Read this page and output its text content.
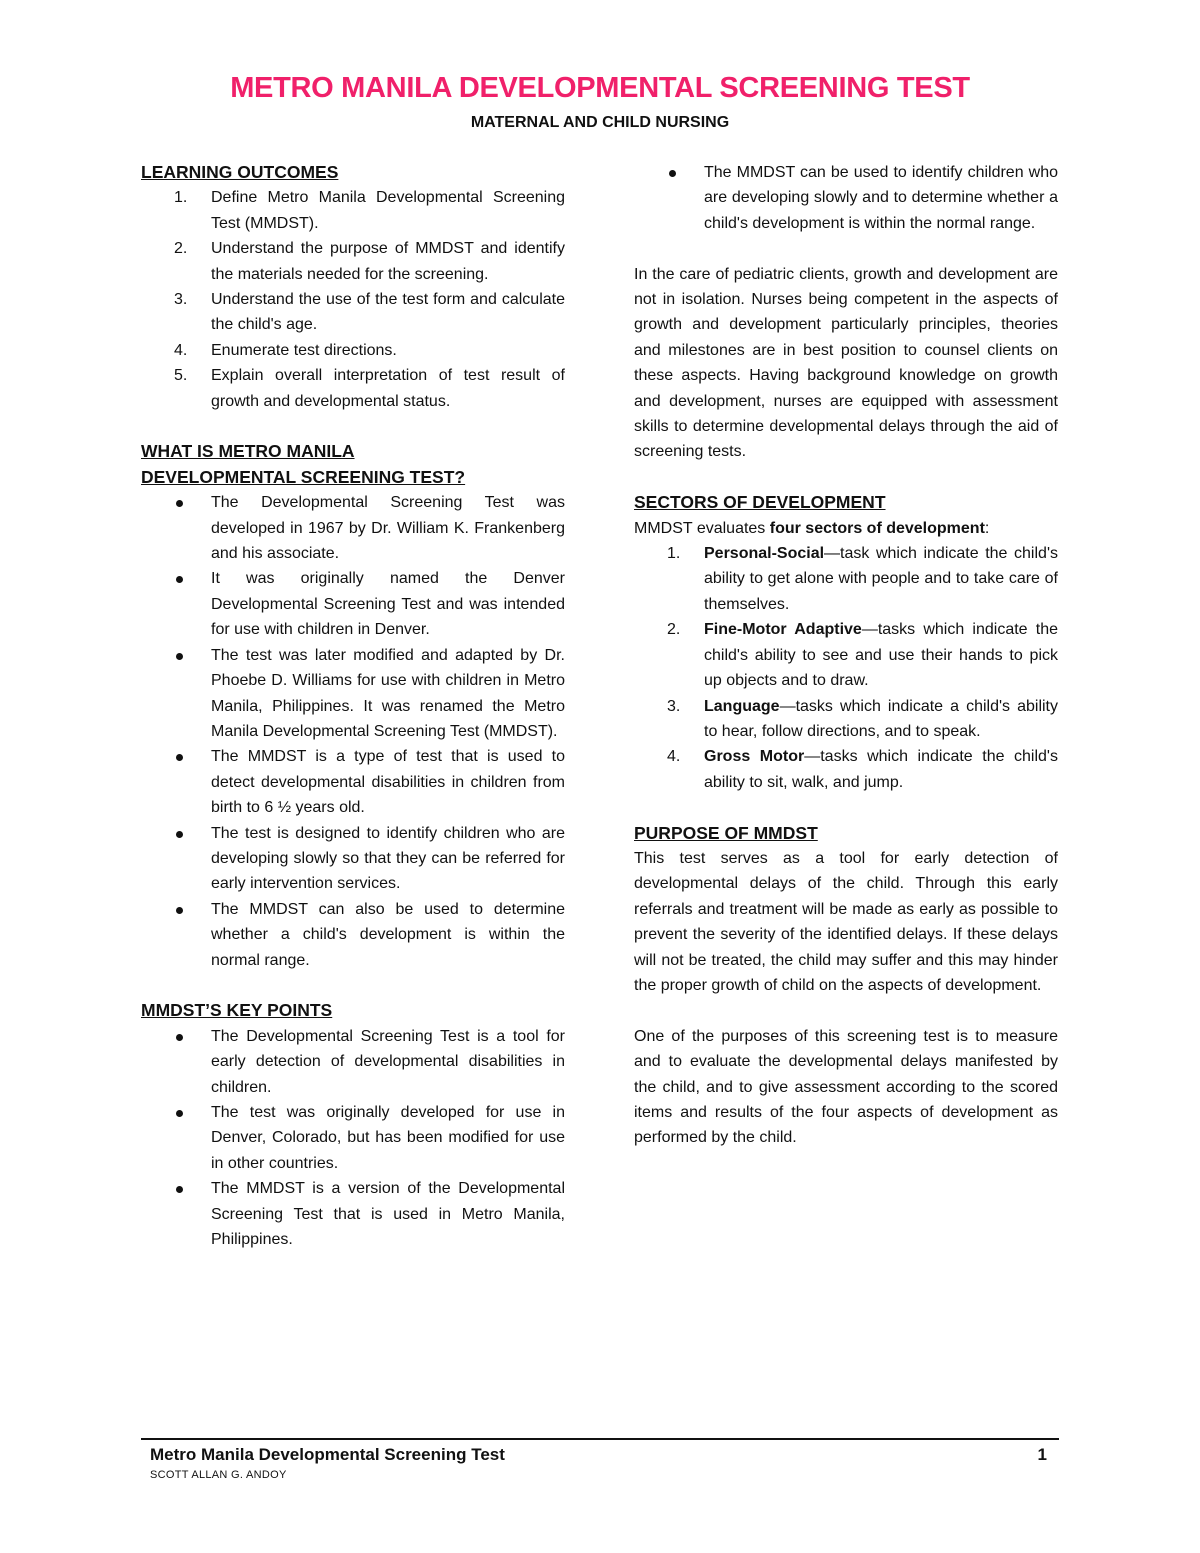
METRO MANILA DEVELOPMENTAL SCREENING TEST
MATERNAL AND CHILD NURSING
LEARNING OUTCOMES
1. Define Metro Manila Developmental Screening Test (MMDST).
2. Understand the purpose of MMDST and identify the materials needed for the screening.
3. Understand the use of the test form and calculate the child's age.
4. Enumerate test directions.
5. Explain overall interpretation of test result of growth and developmental status.
WHAT IS METRO MANILA
DEVELOPMENTAL SCREENING TEST?
The Developmental Screening Test was developed in 1967 by Dr. William K. Frankenberg and his associate.
It was originally named the Denver Developmental Screening Test and was intended for use with children in Denver.
The test was later modified and adapted by Dr. Phoebe D. Williams for use with children in Metro Manila, Philippines. It was renamed the Metro Manila Developmental Screening Test (MMDST).
The MMDST is a type of test that is used to detect developmental disabilities in children from birth to 6 ½ years old.
The test is designed to identify children who are developing slowly so that they can be referred for early intervention services.
The MMDST can also be used to determine whether a child's development is within the normal range.
MMDST’S KEY POINTS
The Developmental Screening Test is a tool for early detection of developmental disabilities in children.
The test was originally developed for use in Denver, Colorado, but has been modified for use in other countries.
The MMDST is a version of the Developmental Screening Test that is used in Metro Manila, Philippines.
The MMDST can be used to identify children who are developing slowly and to determine whether a child's development is within the normal range.

In the care of pediatric clients, growth and development are not in isolation. Nurses being competent in the aspects of growth and development particularly principles, theories and milestones are in best position to counsel clients on these aspects. Having background knowledge on growth and development, nurses are equipped with assessment skills to determine developmental delays through the aid of screening tests.

SECTORS OF DEVELOPMENT

MMDST evaluates four sectors of development:

1. Personal-Social—task which indicate the child's ability to get alone with people and to take care of themselves.
2. Fine-Motor Adaptive—tasks which indicate the child's ability to see and use their hands to pick up objects and to draw.
3. Language—tasks which indicate a child's ability to hear, follow directions, and to speak.
4. Gross Motor—tasks which indicate the child's ability to sit, walk, and jump.
PURPOSE OF MMDST

This test serves as a tool for early detection of developmental delays of the child. Through this early referrals and treatment will be made as early as possible to prevent the severity of the identified delays. If these delays will not be treated, the child may suffer and this may hinder the proper growth of child on the aspects of development.

One of the purposes of this screening test is to measure and to evaluate the developmental delays manifested by the child, and to give assessment according to the scored items and results of the four aspects of development as performed by the child.

Metro Manila Developmental Screening Test
SCOTT ALLAN G. ANDOY
1
